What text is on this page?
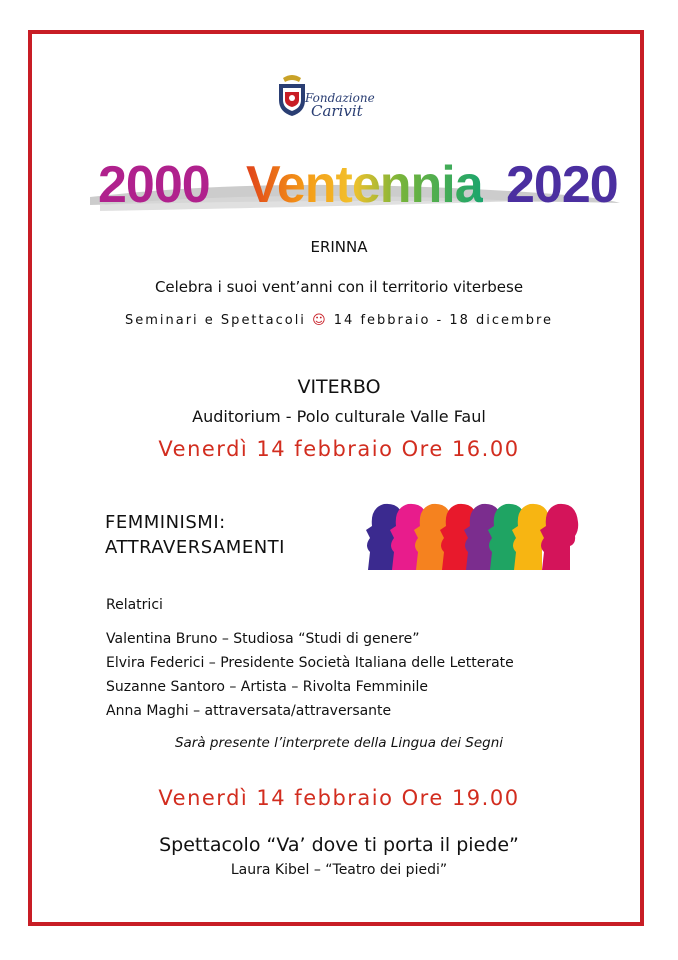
Fondazione
Carivit
2000 Ventennia 2020
ERINNA
Celebra i suoi vent’anni con il territorio viterbese
Seminari e Spettacoli ☺ 14 febbraio - 18 dicembre
VITERBO
Auditorium - Polo culturale Valle Faul
Venerdì 14 febbraio Ore 16.00
FEMMINISMI:
ATTRAVERSAMENTI
Relatrici
Valentina Bruno – Studiosa “Studi di genere”
Elvira Federici – Presidente Società Italiana delle Letterate
Suzanne Santoro – Artista – Rivolta Femminile
Anna Maghi – attraversata/attraversante
Sarà presente l’interprete della Lingua dei Segni
Venerdì 14 febbraio Ore 19.00
Spettacolo “Va’ dove ti porta il piede”
Laura Kibel – “Teatro dei piedi”
